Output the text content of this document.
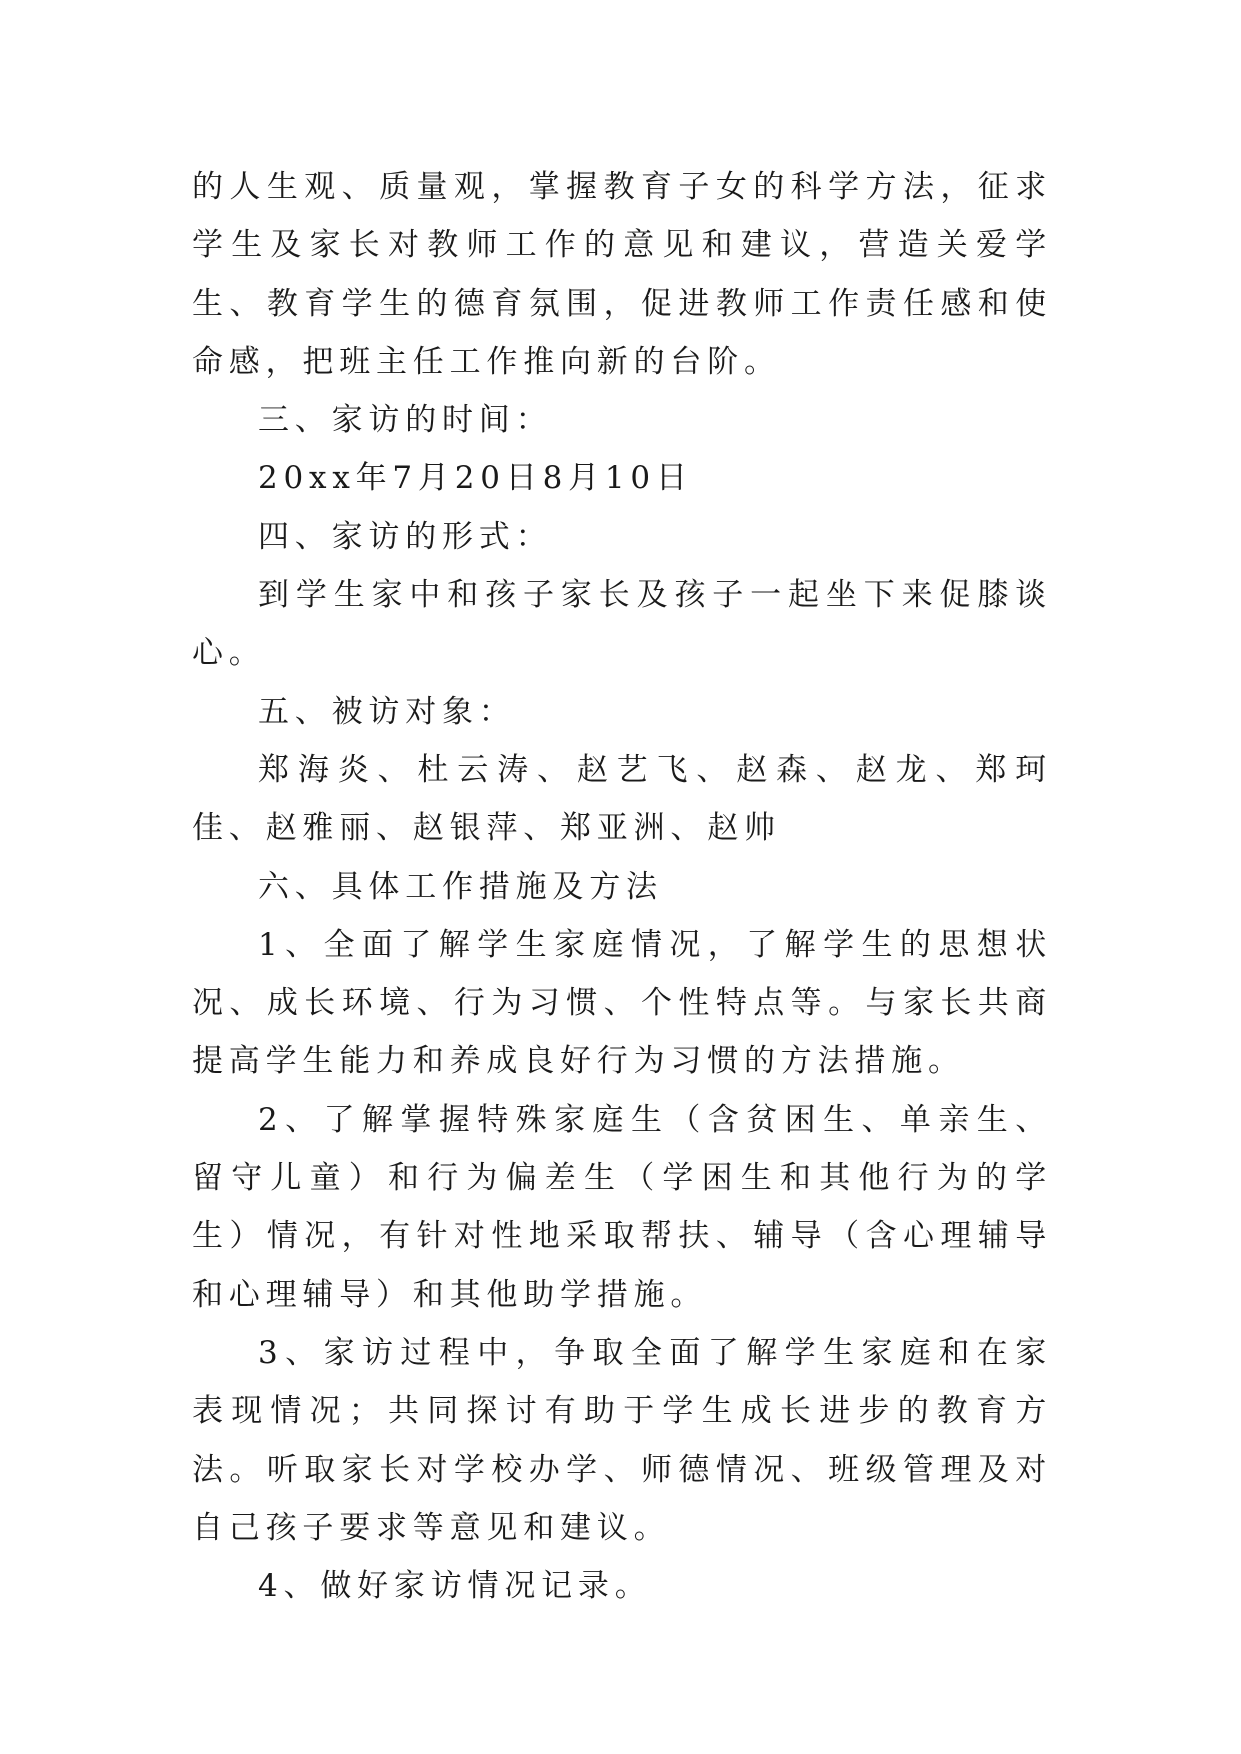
的人生观、质量观，掌握教育子女的科学方法，征求学生及家长对教师工作的意见和建议，营造关爱学生、教育学生的德育氛围，促进教师工作责任感和使命感，把班主任工作推向新的台阶。

三、家访的时间：

20xx年7月20日8月10日

四、家访的形式：

到学生家中和孩子家长及孩子一起坐下来促膝谈心。

五、被访对象：

郑海炎、杜云涛、赵艺飞、赵森、赵龙、郑珂佳、赵雅丽、赵银萍、郑亚洲、赵帅

六、具体工作措施及方法

1、全面了解学生家庭情况，了解学生的思想状况、成长环境、行为习惯、个性特点等。与家长共商提高学生能力和养成良好行为习惯的方法措施。

2、了解掌握特殊家庭生（含贫困生、单亲生、留守儿童）和行为偏差生（学困生和其他行为的学生）情况，有针对性地采取帮扶、辅导（含心理辅导和心理辅导）和其他助学措施。

3、家访过程中，争取全面了解学生家庭和在家表现情况；共同探讨有助于学生成长进步的教育方法。听取家长对学校办学、师德情况、班级管理及对自己孩子要求等意见和建议。

4、做好家访情况记录。
